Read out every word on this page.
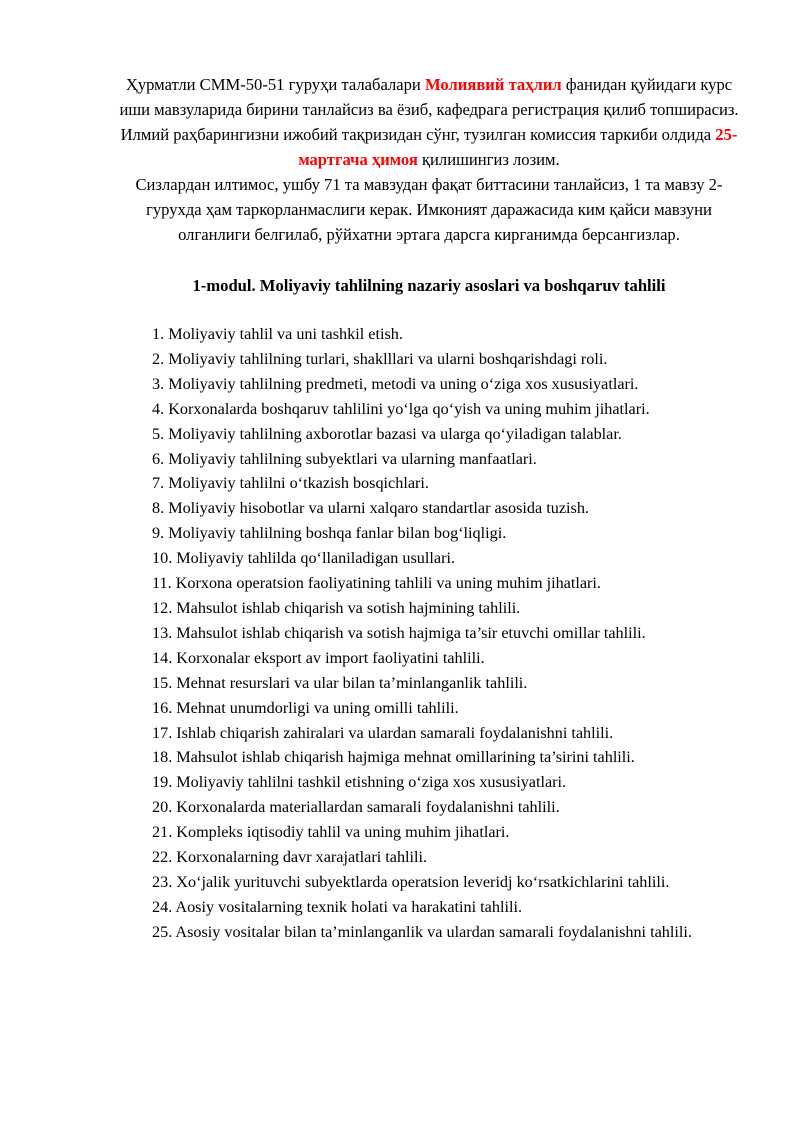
Ҳурматли СММ-50-51 гуруҳи талабалари Молиявий таҳлил фанидан қуйидаги курс иши мавзуларида бирини танлайсиз ва ёзиб, кафедрага регистрация қилиб топширасиз. Илмий раҳбарингизни ижобий тақризидан сўнг, тузилган комиссия таркиби олдида 25-мартгача ҳимоя қилишингиз лозим.

Сизлардан илтимос, ушбу 71 та мавзудан фақат биттасини танлайсиз, 1 та мавзу 2- гурухда ҳам таркорланмаслиги керак. Имконият даражасида ким қайси мавзуни олганлиги белгилаб, рўйхатни эртага дарсга кирганимда берсангизлар.

1-modul. Moliyaviy tahlilning nazariy asoslari va boshqaruv tahlili
1. Moliyaviy tahlil va uni tashkil etish.
2. Moliyaviy tahlilning turlari, shaklllari va ularni boshqarishdagi roli.
3. Moliyaviy tahlilning predmeti, metodi va uning o‘ziga xos xususiyatlari.
4. Korxonalarda boshqaruv tahlilini yo‘lga qo‘yish va uning muhim jihatlari.
5. Moliyaviy tahlilning axborotlar bazasi va ularga qo‘yiladigan talablar.
6. Moliyaviy tahlilning subyektlari va ularning manfaatlari.
7. Moliyaviy tahlilni o‘tkazish bosqichlari.
8. Moliyaviy hisobotlar va ularni xalqaro standartlar asosida tuzish.
9. Moliyaviy tahlilning boshqa fanlar bilan bog‘liqligi.
10. Moliyaviy tahlilda qo‘llaniladigan usullari.
11. Korxona operatsion faoliyatining tahlili va uning muhim jihatlari.
12. Mahsulot ishlab chiqarish va sotish hajmining tahlili.
13. Mahsulot ishlab chiqarish va sotish hajmiga ta’sir etuvchi omillar tahlili.
14. Korxonalar eksport av import faoliyatini tahlili.
15. Mehnat resurslari va ular bilan ta’minlanganlik tahlili.
16. Mehnat unumdorligi va uning omilli tahlili.
17. Ishlab chiqarish zahiralari va ulardan samarali foydalanishni tahlili.
18. Mahsulot ishlab chiqarish hajmiga mehnat omillarining ta’sirini tahlili.
19. Moliyaviy tahlilni tashkil etishning o‘ziga xos xususiyatlari.
20. Korxonalarda materiallardan samarali foydalanishni tahlili.
21. Kompleks iqtisodiy tahlil va uning muhim jihatlari.
22. Korxonalarning davr xarajatlari tahlili.
23. Xo‘jalik yurituvchi subyektlarda operatsion leveridj ko‘rsatkichlarini tahlili.
24. Aosiy vositalarning texnik holati va harakatini tahlili.
25. Asosiy vositalar bilan ta’minlanganlik va ulardan samarali foydalanishni tahlili.
